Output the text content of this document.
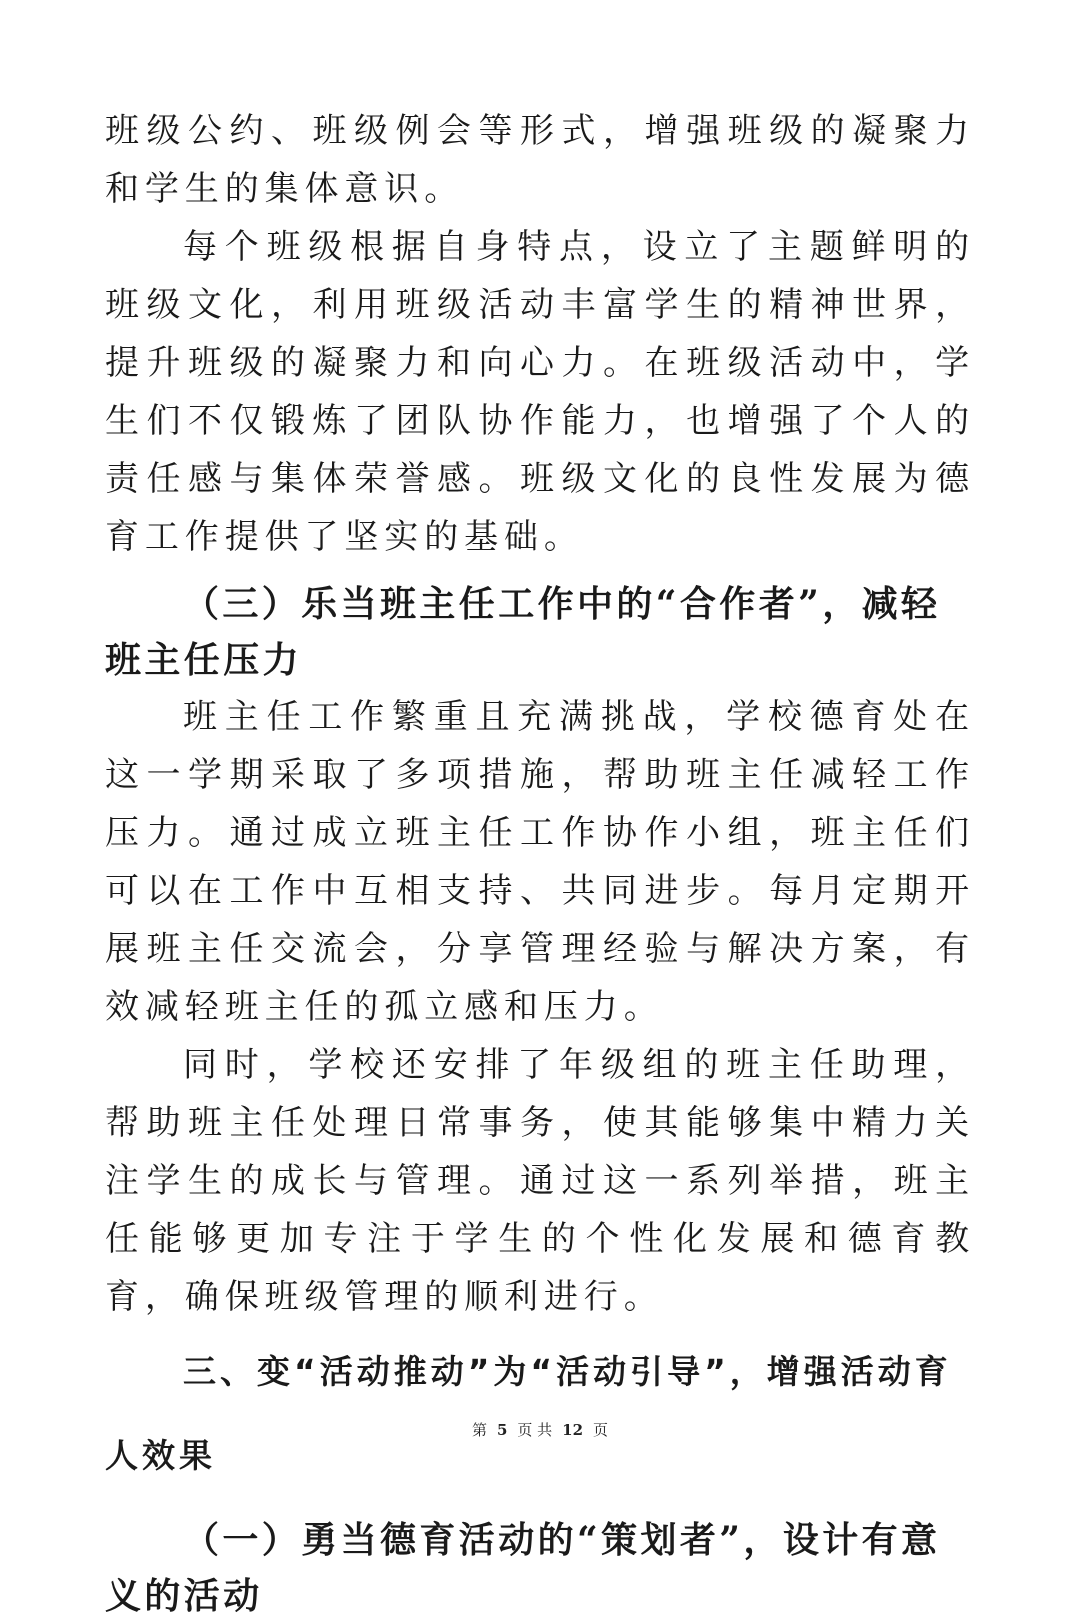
班级公约、班级例会等形式，增强班级的凝聚力和学生的集体意识。

每个班级根据自身特点，设立了主题鲜明的班级文化，利用班级活动丰富学生的精神世界，提升班级的凝聚力和向心力。在班级活动中，学生们不仅锻炼了团队协作能力，也增强了个人的责任感与集体荣誉感。班级文化的良性发展为德育工作提供了坚实的基础。

（三）乐当班主任工作中的“合作者”，减轻班主任压力

班主任工作繁重且充满挑战，学校德育处在这一学期采取了多项措施，帮助班主任减轻工作压力。通过成立班主任工作协作小组，班主任们可以在工作中互相支持、共同进步。每月定期开展班主任交流会，分享管理经验与解决方案，有效减轻班主任的孤立感和压力。

同时，学校还安排了年级组的班主任助理，帮助班主任处理日常事务，使其能够集中精力关注学生的成长与管理。通过这一系列举措，班主任能够更加专注于学生的个性化发展和德育教育，确保班级管理的顺利进行。

三、变“活动推动”为“活动引导”，增强活动育人效果

（一）勇当德育活动的“策划者”，设计有意义的活动

第 5 页 共 12 页
